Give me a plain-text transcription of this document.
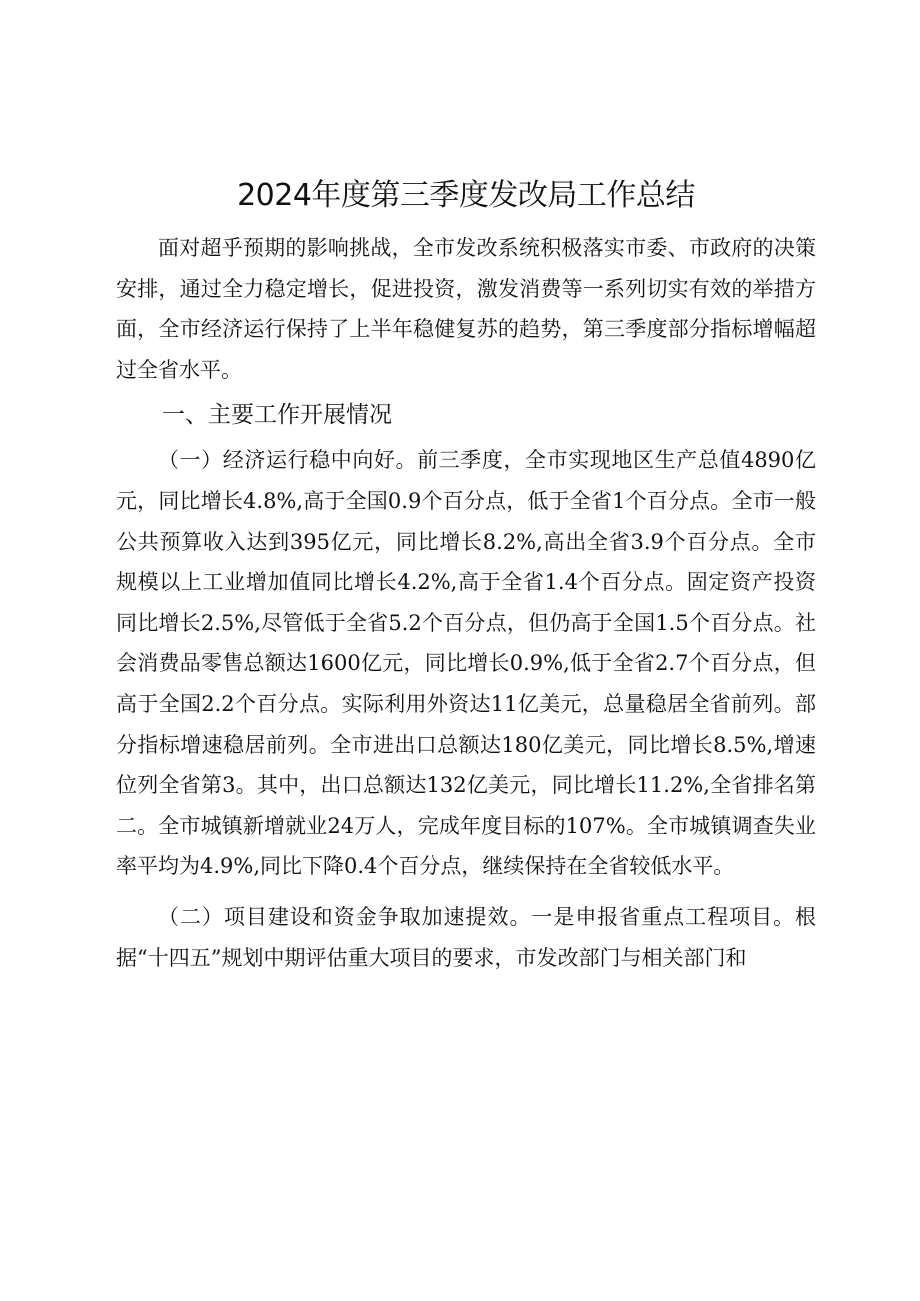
2024年度第三季度发改局工作总结

面对超乎预期的影响挑战，全市发改系统积极落实市委、市政府的决策安排，通过全力稳定增长，促进投资，激发消费等一系列切实有效的举措方面，全市经济运行保持了上半年稳健复苏的趋势，第三季度部分指标增幅超过全省水平。

一、主要工作开展情况

（一）经济运行稳中向好。前三季度，全市实现地区生产总值4890亿元，同比增长4.8%,高于全国0.9个百分点，低于全省1个百分点。全市一般公共预算收入达到395亿元，同比增长8.2%,高出全省3.9个百分点。全市规模以上工业增加值同比增长4.2%,高于全省1.4个百分点。固定资产投资同比增长2.5%,尽管低于全省5.2个百分点，但仍高于全国1.5个百分点。社会消费品零售总额达1600亿元，同比增长0.9%,低于全省2.7个百分点，但高于全国2.2个百分点。实际利用外资达11亿美元，总量稳居全省前列。部分指标增速稳居前列。全市进出口总额达180亿美元，同比增长8.5%,增速位列全省第3。其中，出口总额达132亿美元，同比增长11.2%,全省排名第二。全市城镇新增就业24万人，完成年度目标的107%。全市城镇调查失业率平均为4.9%,同比下降0.4个百分点，继续保持在全省较低水平。

（二）项目建设和资金争取加速提效。一是申报省重点工程项目。根据“十四五”规划中期评估重大项目的要求，市发改部门与相关部门和
